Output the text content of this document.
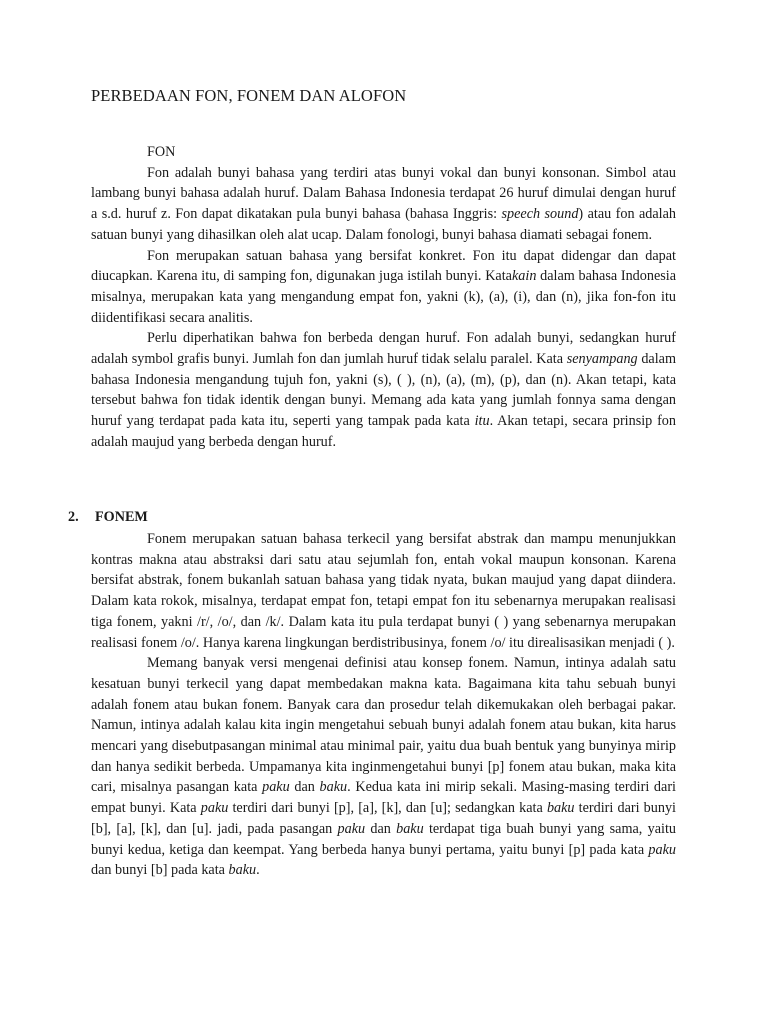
PERBEDAAN FON, FONEM DAN ALOFON
FON

Fon adalah bunyi bahasa yang terdiri atas bunyi vokal dan bunyi konsonan. Simbol atau lambang bunyi bahasa adalah huruf. Dalam Bahasa Indonesia terdapat 26 huruf dimulai dengan huruf a s.d. huruf z. Fon dapat dikatakan pula bunyi bahasa (bahasa Inggris: speech sound) atau fon adalah satuan bunyi yang dihasilkan oleh alat ucap. Dalam fonologi, bunyi bahasa diamati sebagai fonem.

Fon merupakan satuan bahasa yang bersifat konkret. Fon itu dapat didengar dan dapat diucapkan. Karena itu, di samping fon, digunakan juga istilah bunyi. Katakain dalam bahasa Indonesia misalnya, merupakan kata yang mengandung empat fon, yakni (k), (a), (i), dan (n), jika fon-fon itu diidentifikasi secara analitis.

Perlu diperhatikan bahwa fon berbeda dengan huruf. Fon adalah bunyi, sedangkan huruf adalah symbol grafis bunyi. Jumlah fon dan jumlah huruf tidak selalu paralel. Kata senyampang dalam bahasa Indonesia mengandung tujuh fon, yakni (s), ( ), (n), (a), (m), (p), dan (n). Akan tetapi, kata tersebut bahwa fon tidak identik dengan bunyi. Memang ada kata yang jumlah fonnya sama dengan huruf yang terdapat pada kata itu, seperti yang tampak pada kata itu. Akan tetapi, secara prinsip fon adalah maujud yang berbeda dengan huruf.

2. FONEM

Fonem merupakan satuan bahasa terkecil yang bersifat abstrak dan mampu menunjukkan kontras makna atau abstraksi dari satu atau sejumlah fon, entah vokal maupun konsonan. Karena bersifat abstrak, fonem bukanlah satuan bahasa yang tidak nyata, bukan maujud yang dapat diindera. Dalam kata rokok, misalnya, terdapat empat fon, tetapi empat fon itu sebenarnya merupakan realisasi tiga fonem, yakni /r/, /o/, dan /k/. Dalam kata itu pula terdapat bunyi ( ) yang sebenarnya merupakan realisasi fonem /o/. Hanya karena lingkungan berdistribusinya, fonem /o/ itu direalisasikan menjadi ( ).

Memang banyak versi mengenai definisi atau konsep fonem. Namun, intinya adalah satu kesatuan bunyi terkecil yang dapat membedakan makna kata. Bagaimana kita tahu sebuah bunyi adalah fonem atau bukan fonem. Banyak cara dan prosedur telah dikemukakan oleh berbagai pakar. Namun, intinya adalah kalau kita ingin mengetahui sebuah bunyi adalah fonem atau bukan, kita harus mencari yang disebutpasangan minimal atau minimal pair, yaitu dua buah bentuk yang bunyinya mirip dan hanya sedikit berbeda. Umpamanya kita inginmengetahui bunyi [p] fonem atau bukan, maka kita cari, misalnya pasangan kata paku dan baku. Kedua kata ini mirip sekali. Masing-masing terdiri dari empat bunyi. Kata paku terdiri dari bunyi [p], [a], [k], dan [u]; sedangkan kata baku terdiri dari bunyi [b], [a], [k], dan [u]. jadi, pada pasangan paku dan baku terdapat tiga buah bunyi yang sama, yaitu bunyi kedua, ketiga dan keempat. Yang berbeda hanya bunyi pertama, yaitu bunyi [p] pada kata paku dan bunyi [b] pada kata baku.
